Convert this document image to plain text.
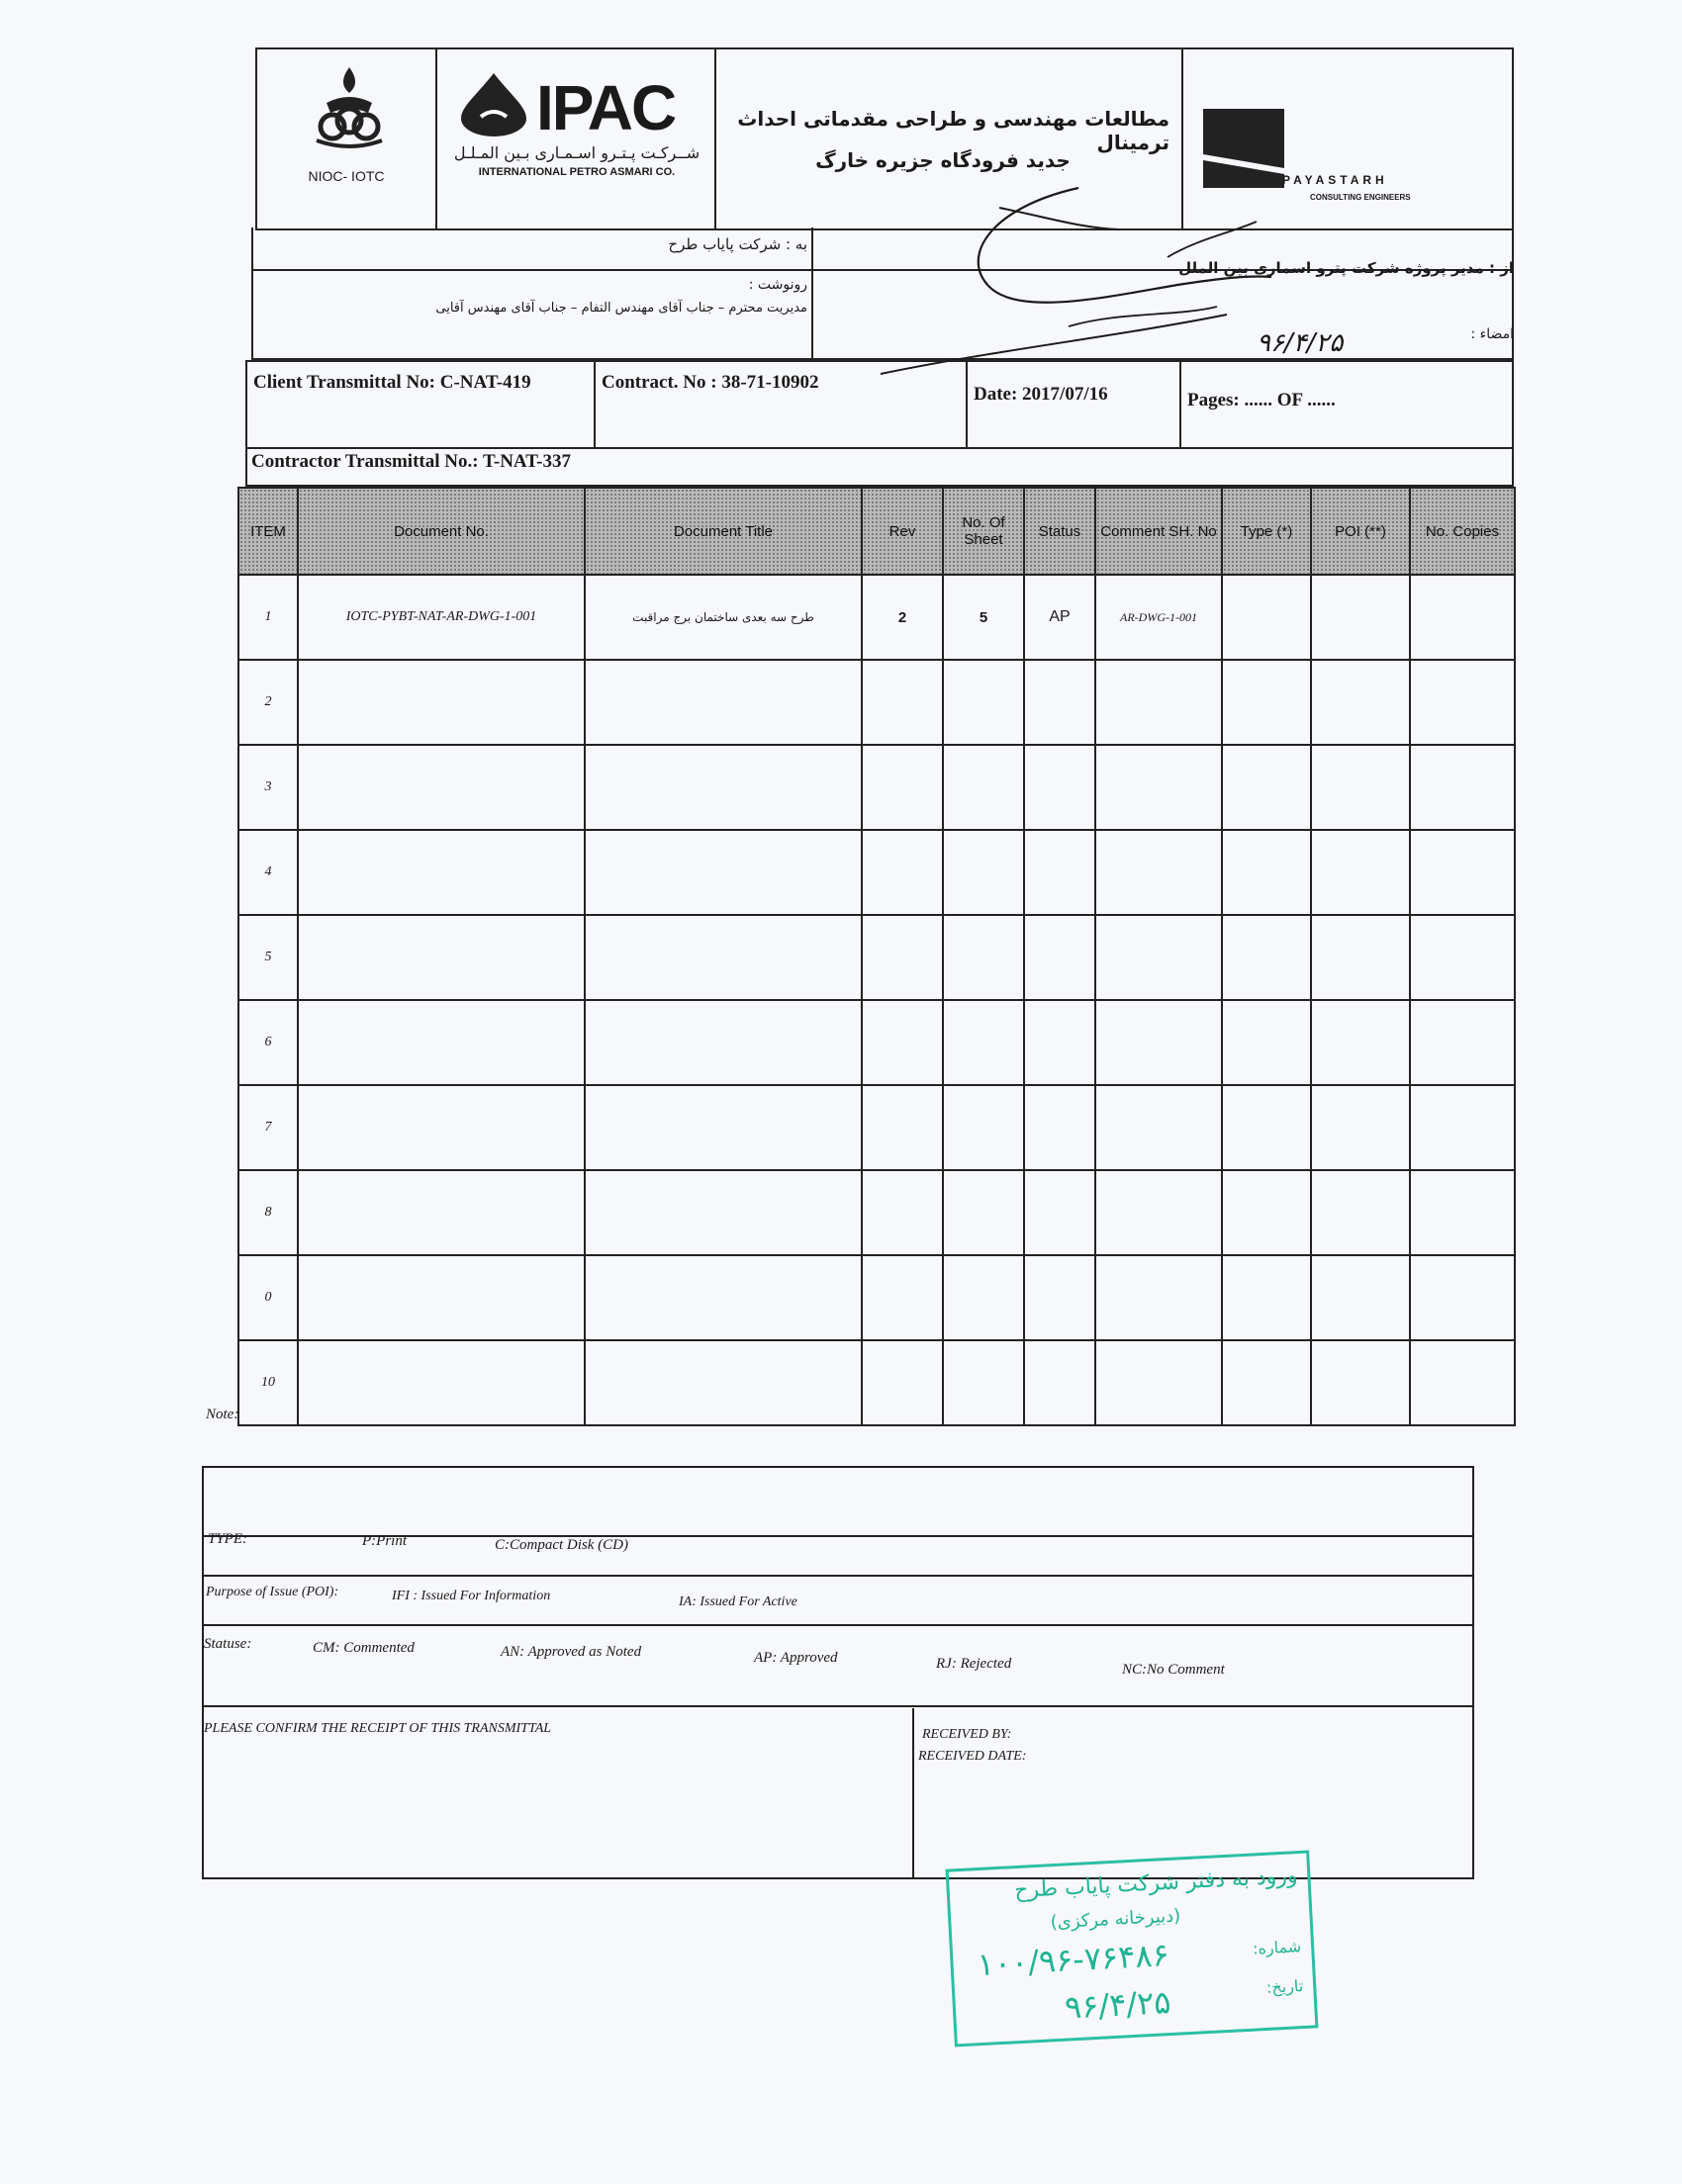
NIOC- IOTC
IPAC
شــرکـت پـتـرو اسـمـاری بـین المـلـل
INTERNATIONAL PETRO ASMARI CO.
مطالعات مهندسی و طراحی مقدماتی احداث ترمینال
جدید فرودگاه جزیره خارگ
PAYASTARH
CONSULTING ENGINEERS
به : شرکت پایاب طرح
رونوشت :
مدیریت محترم – جناب آقای مهندس التفام – جناب آقای مهندس آقایی
از : مدیر پروژه شرکت پترو اسماری بین الملل
امضاء :
۹۶/۴/۲۵
Client Transmittal No: C-NAT-419	Contract. No : 38-71-10902
Date: 2017/07/16	Pages: ...... OF ......
Contractor Transmittal No.: T-NAT-337
ITEM	Document No.	Document Title	Rev	No. Of Sheet	Status	Comment SH. No	Type (*)	POI (**)	No. Copies
1	IOTC-PYBT-NAT-AR-DWG-1-001	طرح سه بعدی ساختمان برج مراقبت	2	5	AP	AR-DWG-1-001			
2									
3									
4									
5									
6									
7									
8									
0									
10									
Note:
TYPE:	P:Print	C:Compact Disk (CD)
Purpose of Issue (POI):	IFI : Issued For Information	IA: Issued For Active
Statuse:	CM: Commented	AN: Approved as Noted	AP: Approved	RJ: Rejected	NC:No Comment
PLEASE CONFIRM THE RECEIPT OF THIS TRANSMITTAL	RECEIVED BY:
RECEIVED DATE:
ورود به دفتر شرکت پایاب طرح
(دبیرخانه مرکزی)
شماره:
تاریخ:
۱۰۰/۹۶-۷۶۴۸۶
۹۶/۴/۲۵
